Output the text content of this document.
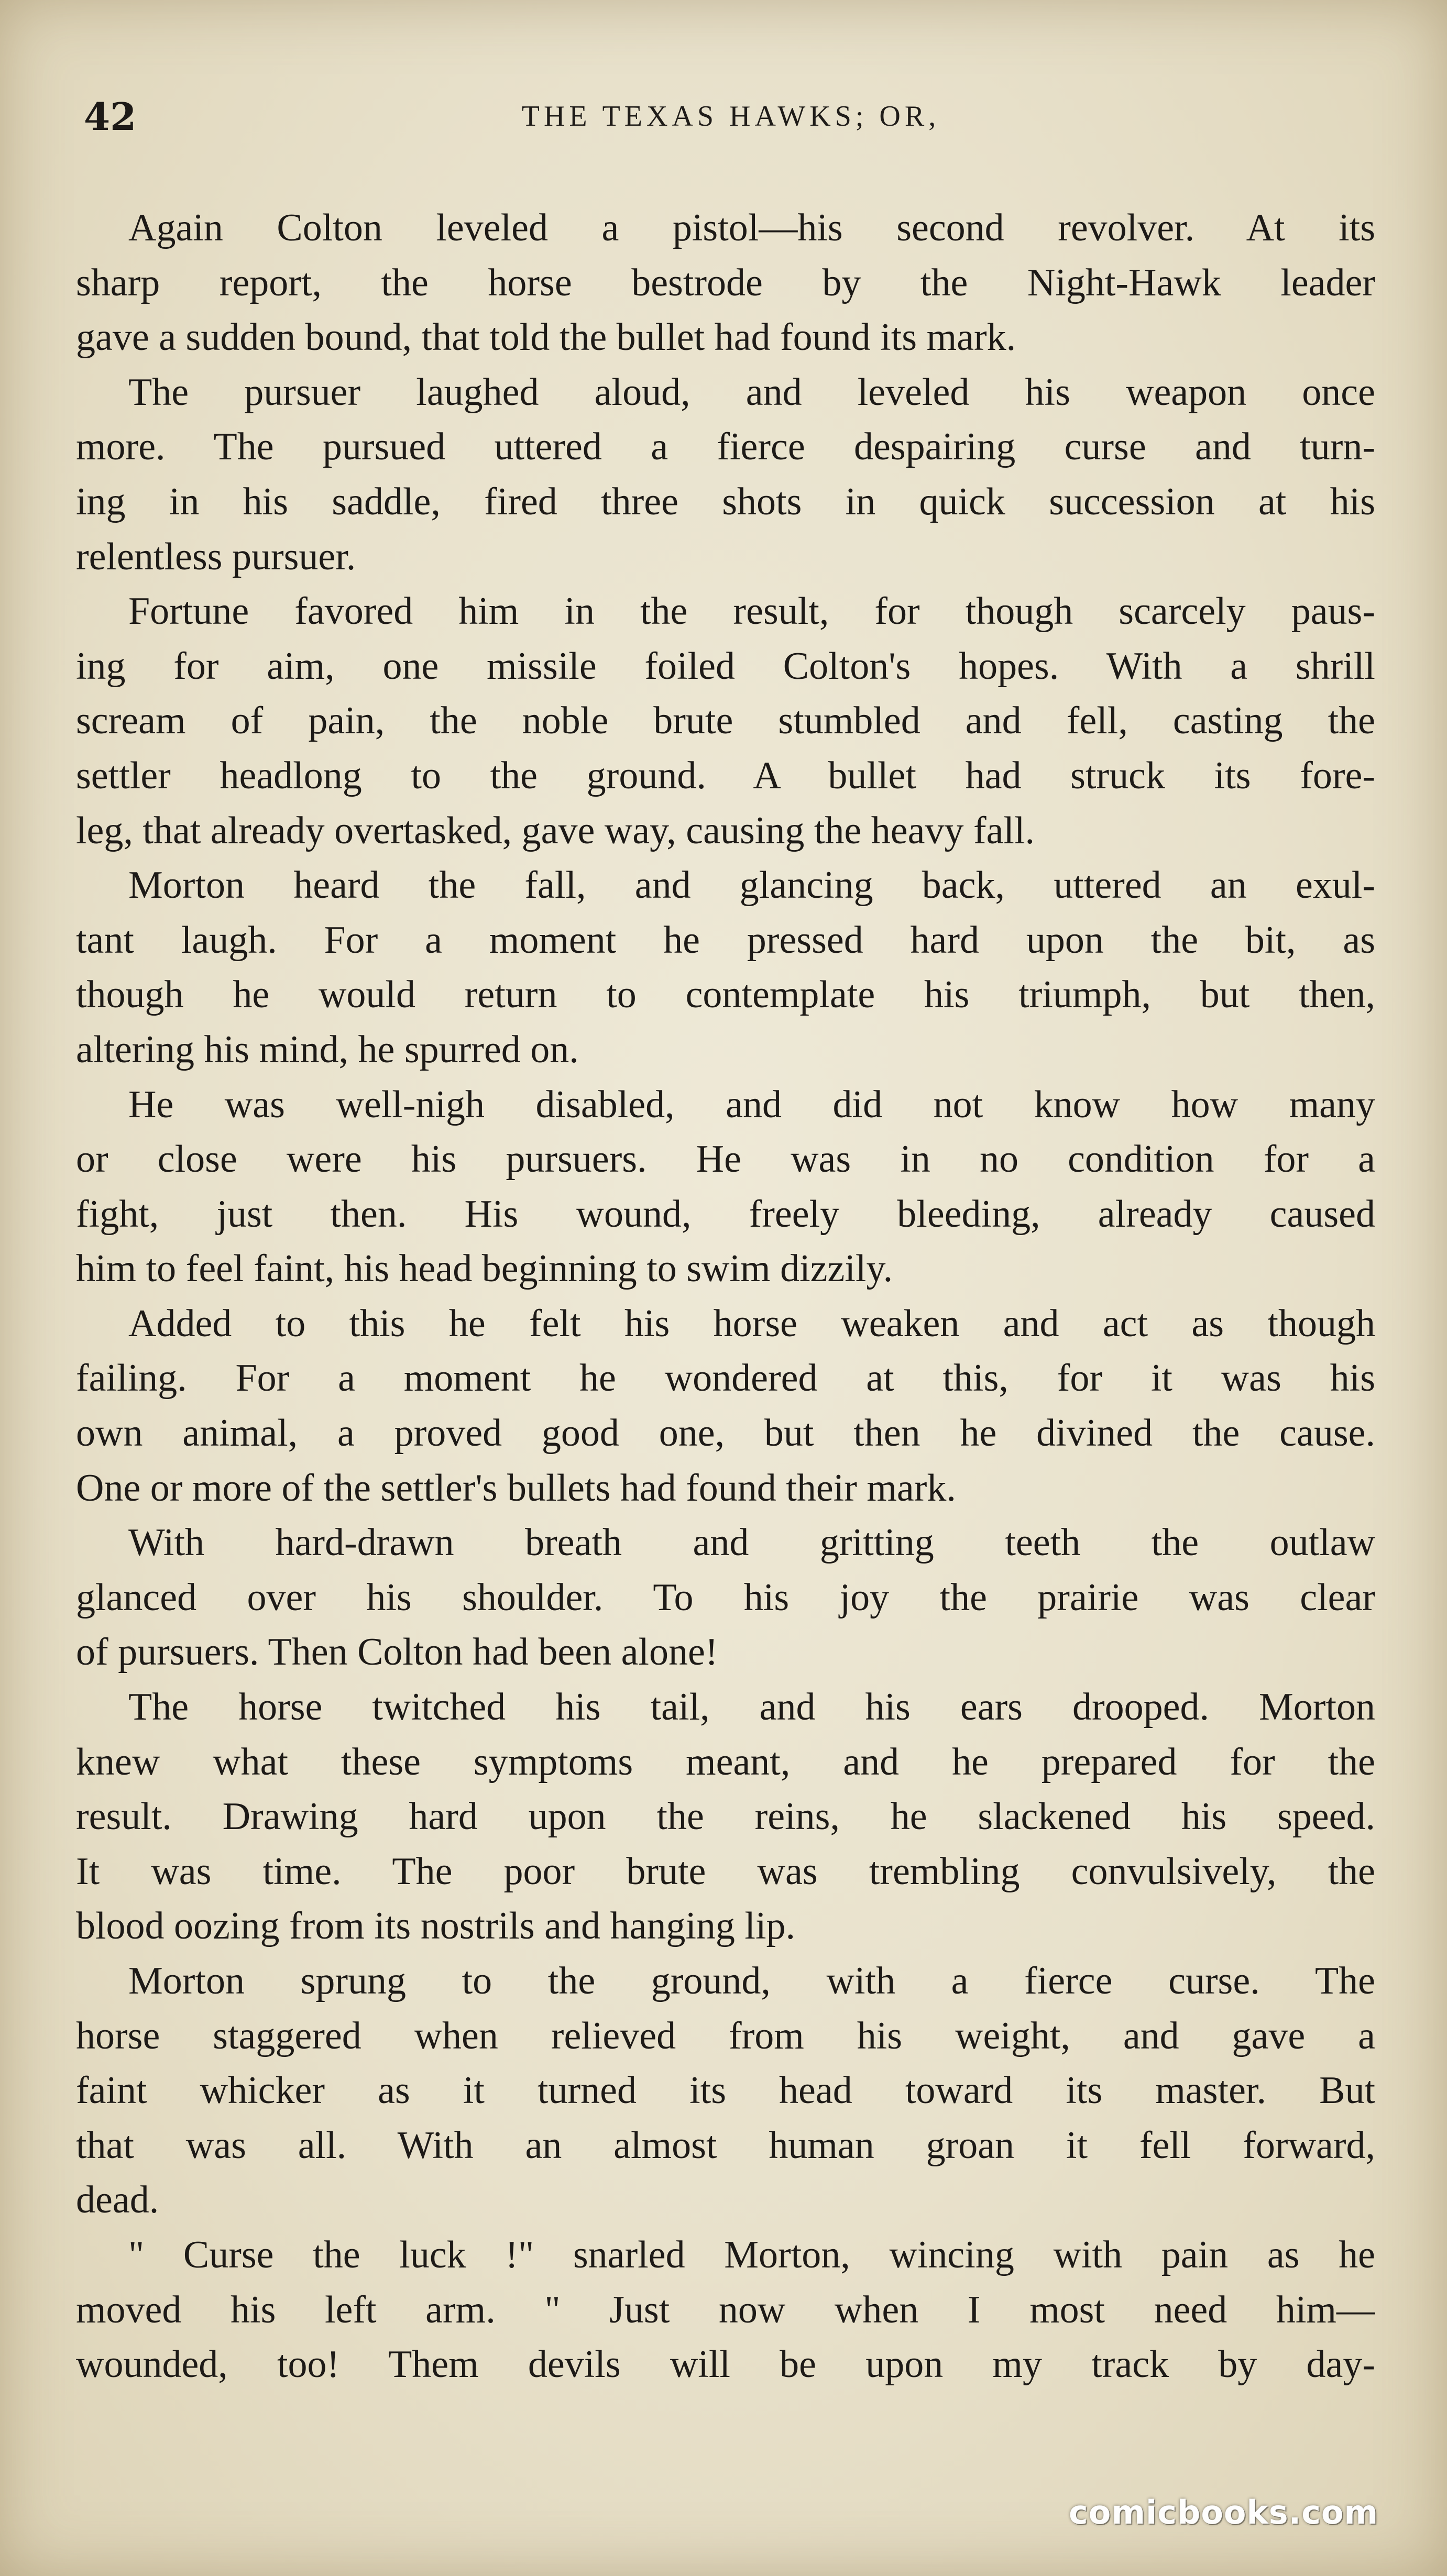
42	THE TEXAS HAWKS; OR,
Again Colton leveled a pistol—his second revolver. At its
sharp report, the horse bestrode by the Night-Hawk leader
gave a sudden bound, that told the bullet had found its mark.
The pursuer laughed aloud, and leveled his weapon once
more. The pursued uttered a fierce despairing curse and turn-
ing in his saddle, fired three shots in quick succession at his
relentless pursuer.
Fortune favored him in the result, for though scarcely paus-
ing for aim, one missile foiled Colton's hopes. With a shrill
scream of pain, the noble brute stumbled and fell, casting the
settler headlong to the ground. A bullet had struck its fore-
leg, that already overtasked, gave way, causing the heavy fall.
Morton heard the fall, and glancing back, uttered an exul-
tant laugh. For a moment he pressed hard upon the bit, as
though he would return to contemplate his triumph, but then,
altering his mind, he spurred on.
He was well-nigh disabled, and did not know how many
or close were his pursuers. He was in no condition for a
fight, just then. His wound, freely bleeding, already caused
him to feel faint, his head beginning to swim dizzily.
Added to this he felt his horse weaken and act as though
failing. For a moment he wondered at this, for it was his
own animal, a proved good one, but then he divined the cause.
One or more of the settler's bullets had found their mark.
With hard-drawn breath and gritting teeth the outlaw
glanced over his shoulder. To his joy the prairie was clear
of pursuers. Then Colton had been alone!
The horse twitched his tail, and his ears drooped. Morton
knew what these symptoms meant, and he prepared for the
result. Drawing hard upon the reins, he slackened his speed.
It was time. The poor brute was trembling convulsively, the
blood oozing from its nostrils and hanging lip.
Morton sprung to the ground, with a fierce curse. The
horse staggered when relieved from his weight, and gave a
faint whicker as it turned its head toward its master. But
that was all. With an almost human groan it fell forward,
dead.
" Curse the luck !" snarled Morton, wincing with pain as he
moved his left arm. " Just now when I most need him—
wounded, too! Them devils will be upon my track by day-
comicbooks.com
